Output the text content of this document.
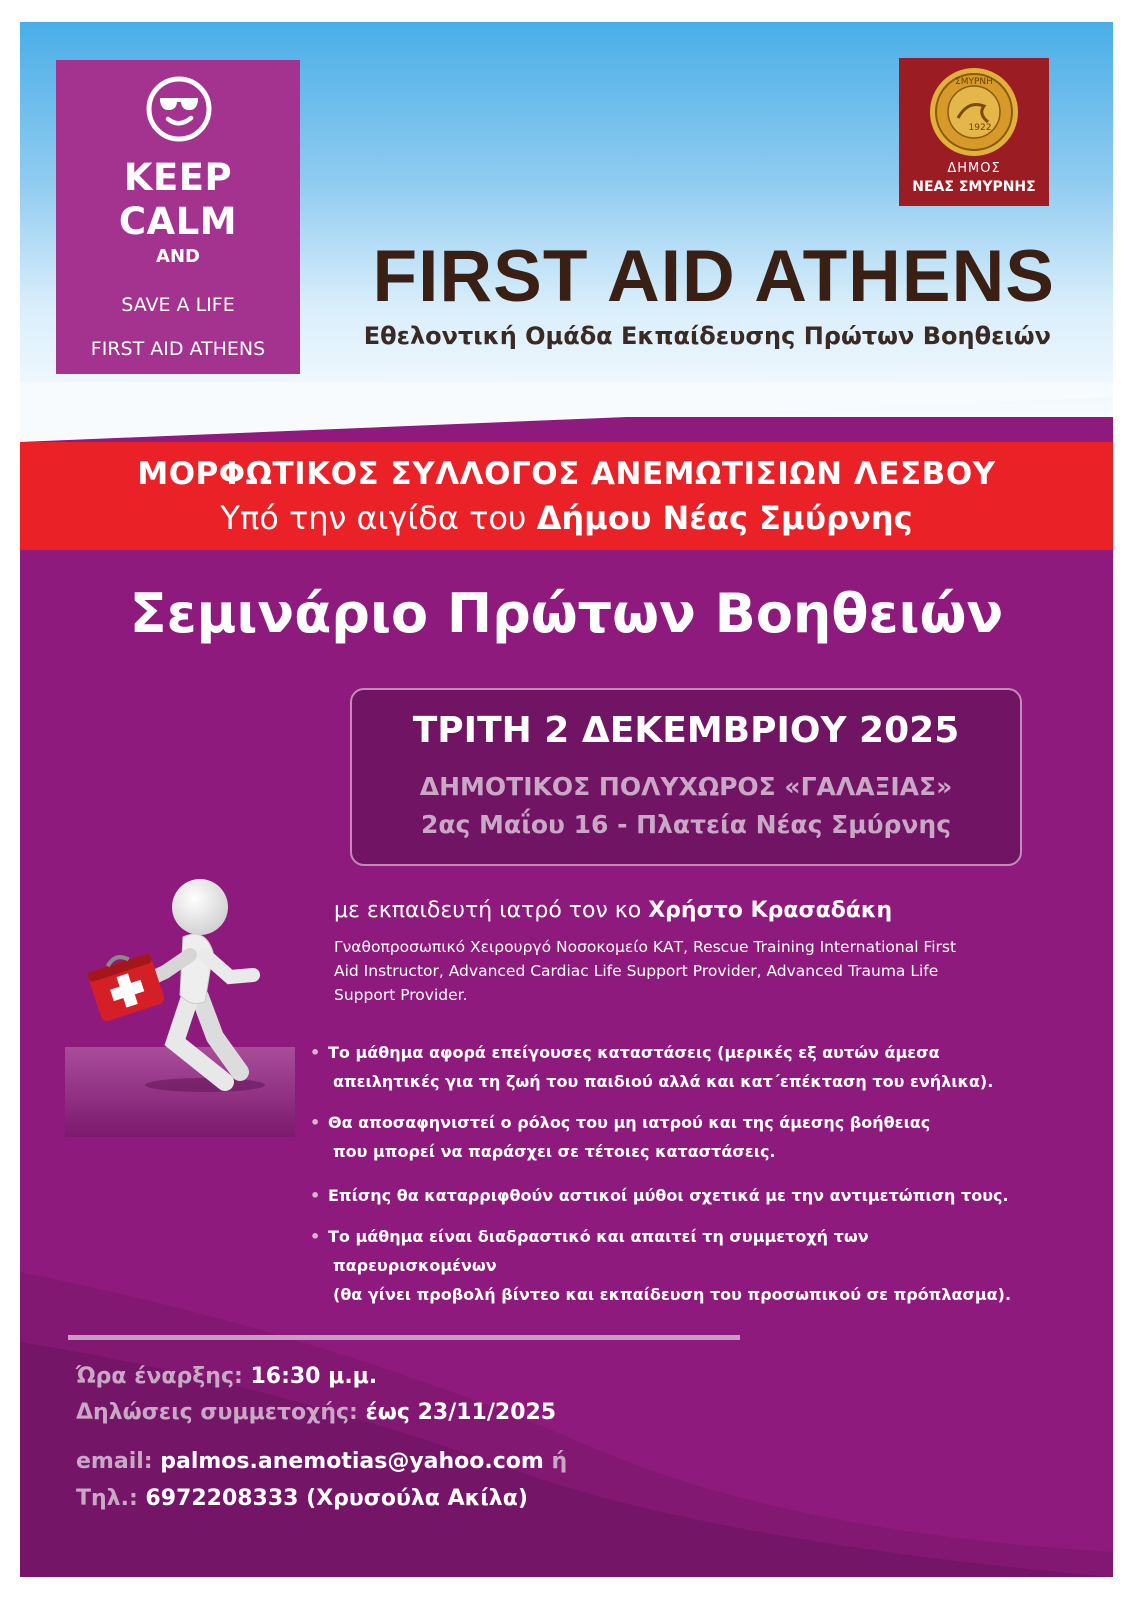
KEEP
CALM
AND
SAVE A LIFE
FIRST AID ATHENS
ΣΜΥΡΝΗ
1922
ΔΗΜΟΣ
ΝΕΑΣ ΣΜΥΡΝΗΣ
FIRST AID ATHENS
Εθελοντική Ομάδα Εκπαίδευσης Πρώτων Βοηθειών
ΜΟΡΦΩΤΙΚΟΣ ΣΥΛΛΟΓΟΣ ΑΝΕΜΩΤΙΣΙΩΝ ΛΕΣΒΟΥ
Υπό την αιγίδα του Δήμου Νέας Σμύρνης
Σεμινάριο Πρώτων Βοηθειών
ΤΡΙΤΗ 2 ΔΕΚΕΜΒΡΙΟΥ 2025
ΔΗΜΟΤΙΚΟΣ ΠΟΛΥΧΩΡΟΣ «ΓΑΛΑΞΙΑΣ»
2ας Μαΐου 16 - Πλατεία Νέας Σμύρνης
με εκπαιδευτή ιατρό τον κο Χρήστο Κρασαδάκη
Γναθοπροσωπικό Χειρουργό Νοσοκομείο ΚΑΤ, Rescue Training International First
Aid Instructor, Advanced Cardiac Life Support Provider, Advanced Trauma Life
Support Provider.
• Το μάθημα αφορά επείγουσες καταστάσεις (μερικές εξ αυτών άμεσα
απειλητικές για τη ζωή του παιδιού αλλά και κατ΄επέκταση του ενήλικα).
• Θα αποσαφηνιστεί ο ρόλος του μη ιατρού και της άμεσης βοήθειας
που μπορεί να παράσχει σε τέτοιες καταστάσεις.
• Επίσης θα καταρριφθούν αστικοί μύθοι σχετικά με την αντιμετώπιση τους.
• Το μάθημα είναι διαδραστικό και απαιτεί τη συμμετοχή των
παρευρισκομένων
(θα γίνει προβολή βίντεο και εκπαίδευση του προσωπικού σε πρόπλασμα).
Ώρα έναρξης: 16:30 μ.μ.
Δηλώσεις συμμετοχής: έως 23/11/2025
email: palmos.anemotias@yahoo.com ή
Τηλ.: 6972208333 (Χρυσούλα Ακίλα)
